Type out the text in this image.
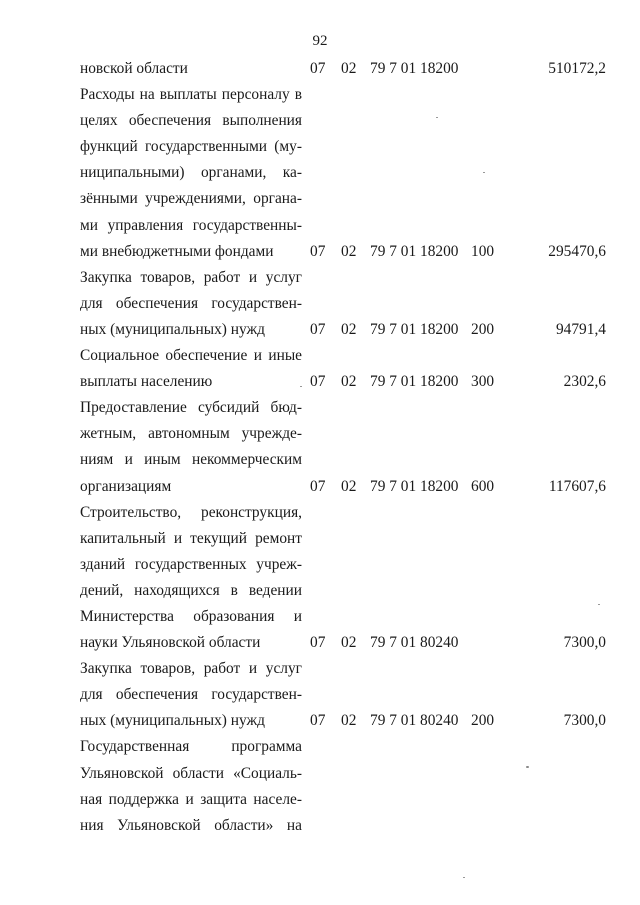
92
новской области	07 02 79 7 01 18200	510172,2
Расходы на выплаты персоналу в
целях обеспечения выполнения
функций государственными (му-
ниципальными) органами, ка-
зёнными учреждениями, органа-
ми управления государственны-
ми внебюджетными фондами	07 02 79 7 01 18200 100	295470,6
Закупка товаров, работ и услуг
для обеспечения государствен-
ных (муниципальных) нужд	07 02 79 7 01 18200 200	94791,4
Социальное обеспечение и иные
выплаты населению	07 02 79 7 01 18200 300	2302,6
Предоставление субсидий бюд-
жетным, автономным учрежде-
ниям и иным некоммерческим
организациям	07 02 79 7 01 18200 600	117607,6
Строительство, реконструкция,
капитальный и текущий ремонт
зданий государственных учреж-
дений, находящихся в ведении
Министерства образования и
науки Ульяновской области	07 02 79 7 01 80240	7300,0
Закупка товаров, работ и услуг
для обеспечения государствен-
ных (муниципальных) нужд	07 02 79 7 01 80240 200	7300,0
Государственная программа
Ульяновской области «Социаль-
ная поддержка и защита населе-
ния Ульяновской области» на
